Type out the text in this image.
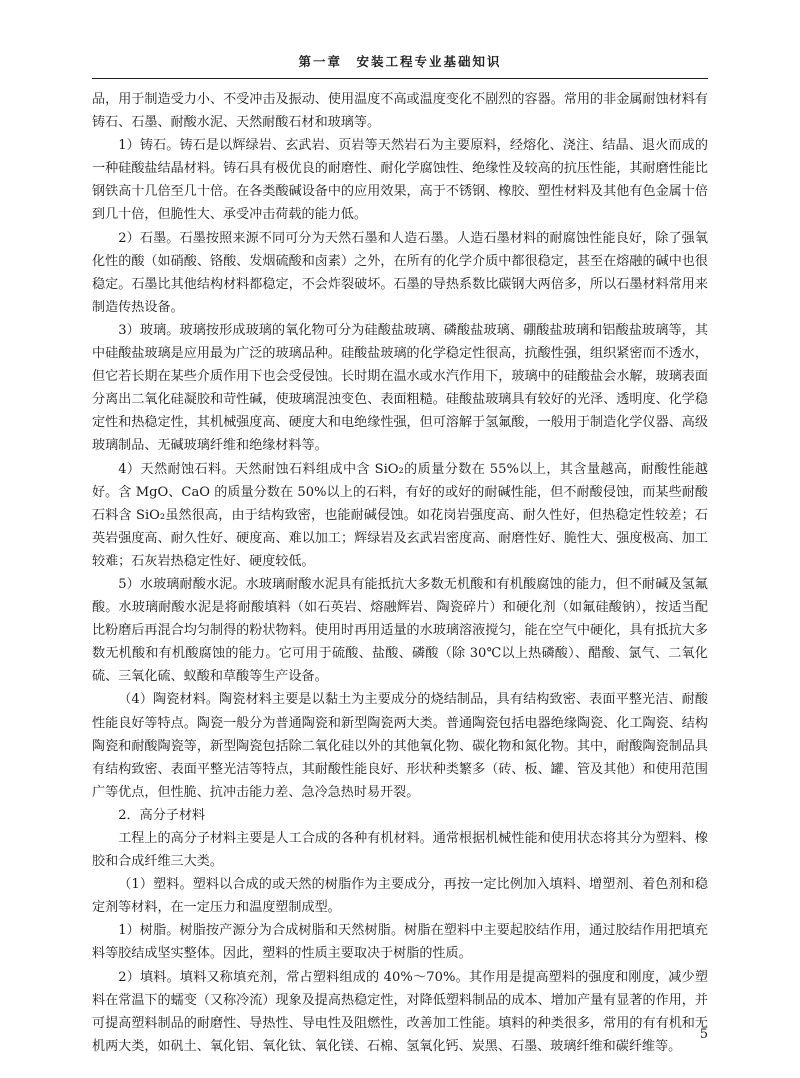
第一章　安装工程专业基础知识

品，用于制造受力小、不受冲击及振动、使用温度不高或温度变化不剧烈的容器。常用的非金属耐蚀材料有铸石、石墨、耐酸水泥、天然耐酸石材和玻璃等。

1）铸石。铸石是以辉绿岩、玄武岩、页岩等天然岩石为主要原料，经熔化、浇注、结晶、退火而成的一种硅酸盐结晶材料。铸石具有极优良的耐磨性、耐化学腐蚀性、绝缘性及较高的抗压性能，其耐磨性能比钢铁高十几倍至几十倍。在各类酸碱设备中的应用效果，高于不锈钢、橡胶、塑性材料及其他有色金属十倍到几十倍，但脆性大、承受冲击荷载的能力低。

2）石墨。石墨按照来源不同可分为天然石墨和人造石墨。人造石墨材料的耐腐蚀性能良好，除了强氧化性的酸（如硝酸、铬酸、发烟硫酸和卤素）之外，在所有的化学介质中都很稳定，甚至在熔融的碱中也很稳定。石墨比其他结构材料都稳定，不会炸裂破坏。石墨的导热系数比碳钢大两倍多，所以石墨材料常用来制造传热设备。

3）玻璃。玻璃按形成玻璃的氧化物可分为硅酸盐玻璃、磷酸盐玻璃、硼酸盐玻璃和铝酸盐玻璃等，其中硅酸盐玻璃是应用最为广泛的玻璃品种。硅酸盐玻璃的化学稳定性很高，抗酸性强，组织紧密而不透水，但它若长期在某些介质作用下也会受侵蚀。长时期在温水或水汽作用下，玻璃中的硅酸盐会水解，玻璃表面分离出二氧化硅凝胶和苛性碱，使玻璃混浊变色、表面粗糙。硅酸盐玻璃具有较好的光泽、透明度、化学稳定性和热稳定性，其机械强度高、硬度大和电绝缘性强，但可溶解于氢氟酸，一般用于制造化学仪器、高级玻璃制品、无碱玻璃纤维和绝缘材料等。

4）天然耐蚀石料。天然耐蚀石料组成中含 SiO₂的质量分数在 55%以上，其含量越高，耐酸性能越好。含 MgO、CaO 的质量分数在 50%以上的石料，有好的或好的耐碱性能，但不耐酸侵蚀，而某些耐酸石料含 SiO₂虽然很高，由于结构致密，也能耐碱侵蚀。如花岗岩强度高、耐久性好，但热稳定性较差；石英岩强度高、耐久性好、硬度高、难以加工；辉绿岩及玄武岩密度高、耐磨性好、脆性大、强度极高、加工较难；石灰岩热稳定性好、硬度较低。

5）水玻璃耐酸水泥。水玻璃耐酸水泥具有能抵抗大多数无机酸和有机酸腐蚀的能力，但不耐碱及氢氟酸。水玻璃耐酸水泥是将耐酸填料（如石英岩、熔融辉岩、陶瓷碎片）和硬化剂（如氟硅酸钠），按适当配比粉磨后再混合均匀制得的粉状物料。使用时再用适量的水玻璃溶液搅匀，能在空气中硬化，具有抵抗大多数无机酸和有机酸腐蚀的能力。它可用于硫酸、盐酸、磷酸（除 30℃以上热磷酸）、醋酸、氯气、二氧化硫、三氧化硫、蚁酸和草酸等生产设备。

（4）陶瓷材料。陶瓷材料主要是以黏土为主要成分的烧结制品，具有结构致密、表面平整光洁、耐酸性能良好等特点。陶瓷一般分为普通陶瓷和新型陶瓷两大类。普通陶瓷包括电器绝缘陶瓷、化工陶瓷、结构陶瓷和耐酸陶瓷等，新型陶瓷包括除二氧化硅以外的其他氧化物、碳化物和氮化物。其中，耐酸陶瓷制品具有结构致密、表面平整光洁等特点，其耐酸性能良好、形状种类繁多（砖、板、罐、管及其他）和使用范围广等优点，但性脆、抗冲击能力差、急冷急热时易开裂。

2．高分子材料

工程上的高分子材料主要是人工合成的各种有机材料。通常根据机械性能和使用状态将其分为塑料、橡胶和合成纤维三大类。

（1）塑料。塑料以合成的或天然的树脂作为主要成分，再按一定比例加入填料、增塑剂、着色剂和稳定剂等材料，在一定压力和温度塑制成型。

1）树脂。树脂按产源分为合成树脂和天然树脂。树脂在塑料中主要起胶结作用，通过胶结作用把填充料等胶结成坚实整体。因此，塑料的性质主要取决于树脂的性质。

2）填料。填料又称填充剂，常占塑料组成的 40%～70%。其作用是提高塑料的强度和刚度，减少塑料在常温下的蠕变（又称冷流）现象及提高热稳定性，对降低塑料制品的成本、增加产量有显著的作用，并可提高塑料制品的耐磨性、导热性、导电性及阻燃性，改善加工性能。填料的种类很多，常用的有有机和无机两大类，如矾土、氧化铝、氧化钛、氧化镁、石棉、氢氧化钙、炭黑、石墨、玻璃纤维和碳纤维等。

5
